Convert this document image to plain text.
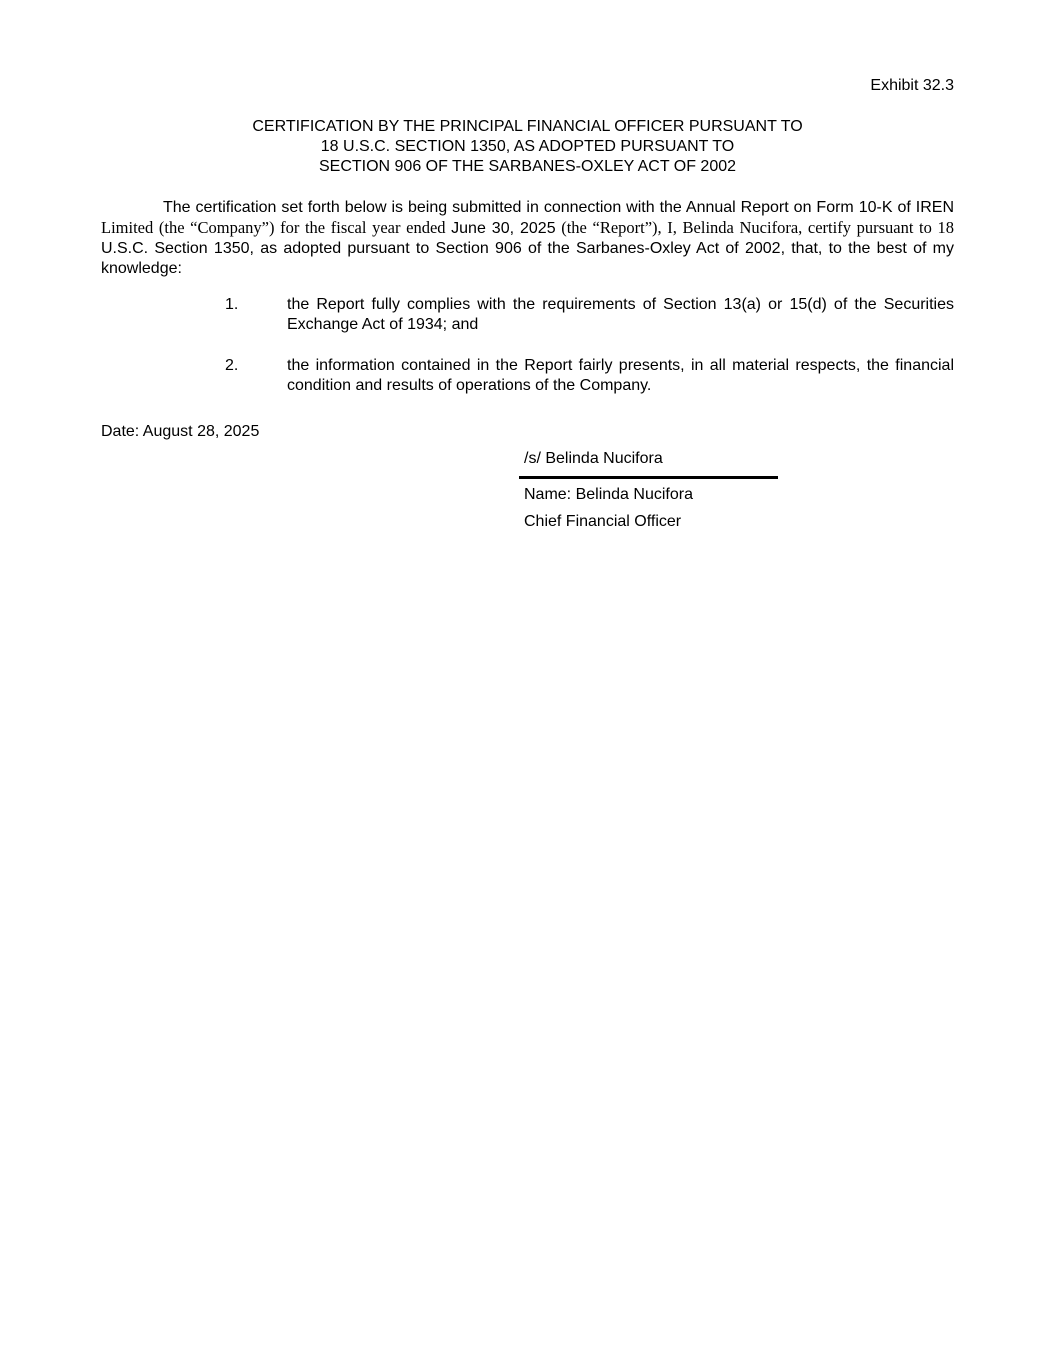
Exhibit 32.3
CERTIFICATION BY THE PRINCIPAL FINANCIAL OFFICER PURSUANT TO
18 U.S.C. SECTION 1350, AS ADOPTED PURSUANT TO
SECTION 906 OF THE SARBANES-OXLEY ACT OF 2002
The certification set forth below is being submitted in connection with the Annual Report on Form 10-K of IREN Limited (the “Company”) for the fiscal year ended June 30, 2025 (the “Report”), I, Belinda Nucifora, certify pursuant to 18 U.S.C. Section 1350, as adopted pursuant to Section 906 of the Sarbanes-Oxley Act of 2002, that, to the best of my knowledge:
1.	the Report fully complies with the requirements of Section 13(a) or 15(d) of the Securities Exchange Act of 1934; and
2.	the information contained in the Report fairly presents, in all material respects, the financial condition and results of operations of the Company.
Date: August 28, 2025
/s/ Belinda Nucifora
Name: Belinda Nucifora
Chief Financial Officer
